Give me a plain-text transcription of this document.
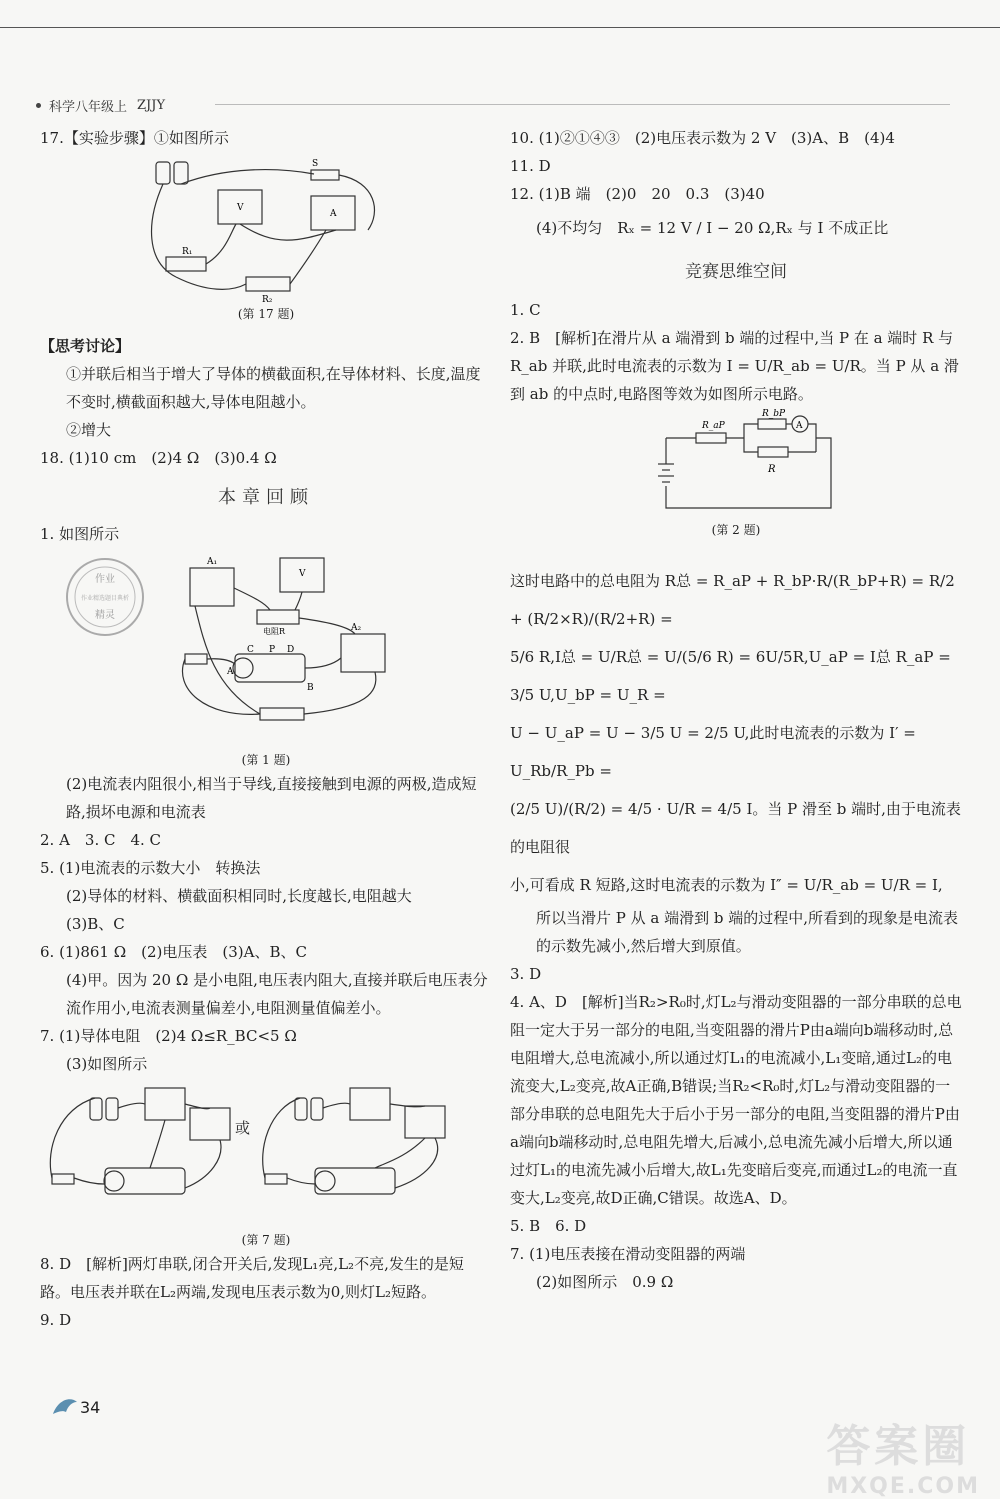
科学八年级上 ZJJY
17.【实验步骤】①如图所示
S
V
A
R₁
R₂
(第 17 题)
【思考讨论】
①并联后相当于增大了导体的横截面积,在导体材料、长度,温度不变时,横截面积越大,导体电阻越小。
②增大
18. (1)10 cm　(2)4 Ω　(3)0.4 Ω
本章回顾
1. 如图所示
作业
作业精选题目典析
精灵
A₁
V
电阻R	A₂
C	D
P
A
B
(第 1 题)
(2)电流表内阻很小,相当于导线,直接接触到电源的两极,造成短路,损坏电源和电流表
2. A　3. C　4. C
5. (1)电流表的示数大小　转换法
(2)导体的材料、横截面积相同时,长度越长,电阻越大
(3)B、C
6. (1)861 Ω　(2)电压表　(3)A、B、C
(4)甲。因为 20 Ω 是小电阻,电压表内阻大,直接并联后电压表分流作用小,电流表测量偏差小,电阻测量值偏差小。
7. (1)导体电阻　(2)4 Ω≤R_BC<5 Ω
(3)如图所示
或
(第 7 题)
8. D　[解析]两灯串联,闭合开关后,发现L₁亮,L₂不亮,发生的是短路。电压表并联在L₂两端,发现电压表示数为0,则灯L₂短路。
9. D
10. (1)②①④③　(2)电压表示数为 2 V　(3)A、B　(4)4
11. D
12. (1)B 端　(2)0　20　0.3　(3)40
(4)不均匀　Rₓ = 12 V / I − 20 Ω,Rₓ 与 I 不成正比
竞赛思维空间
1. C
2. B　[解析]在滑片从 a 端滑到 b 端的过程中,当 P 在 a 端时 R 与 R_ab 并联,此时电流表的示数为 I = U/R_ab = U/R。当 P 从 a 滑到 ab 的中点时,电路图等效为如图所示电路。
R_aP
R_bP
A
R
(第 2 题)
这时电路中的总电阻为 R总 = R_aP + R_bP·R/(R_bP+R) = R/2 + (R/2×R)/(R/2+R) =
5/6 R,I总 = U/R总 = U/(5/6 R) = 6U/5R,U_aP = I总 R_aP = 3/5 U,U_bP = U_R =
U − U_aP = U − 3/5 U = 2/5 U,此时电流表的示数为 I′ = U_Rb/R_Pb =
(2/5 U)/(R/2) = 4/5 · U/R = 4/5 I。当 P 滑至 b 端时,由于电流表的电阻很
小,可看成 R 短路,这时电流表的示数为 I″ = U/R_ab = U/R = I,
所以当滑片 P 从 a 端滑到 b 端的过程中,所看到的现象是电流表的示数先减小,然后增大到原值。
3. D
4. A、D　[解析]当R₂>R₀时,灯L₂与滑动变阻器的一部分串联的总电阻一定大于另一部分的电阻,当变阻器的滑片P由a端向b端移动时,总电阻增大,总电流减小,所以通过灯L₁的电流减小,L₁变暗,通过L₂的电流变大,L₂变亮,故A正确,B错误;当R₂<R₀时,灯L₂与滑动变阻器的一部分串联的总电阻先大于后小于另一部分的电阻,当变阻器的滑片P由a端向b端移动时,总电阻先增大,后减小,总电流先减小后增大,所以通过灯L₁的电流先减小后增大,故L₁先变暗后变亮,而通过L₂的电流一直变大,L₂变亮,故D正确,C错误。故选A、D。
5. B　6. D
7. (1)电压表接在滑动变阻器的两端
(2)如图所示　0.9 Ω
34
答案圈
MXQE.COM
